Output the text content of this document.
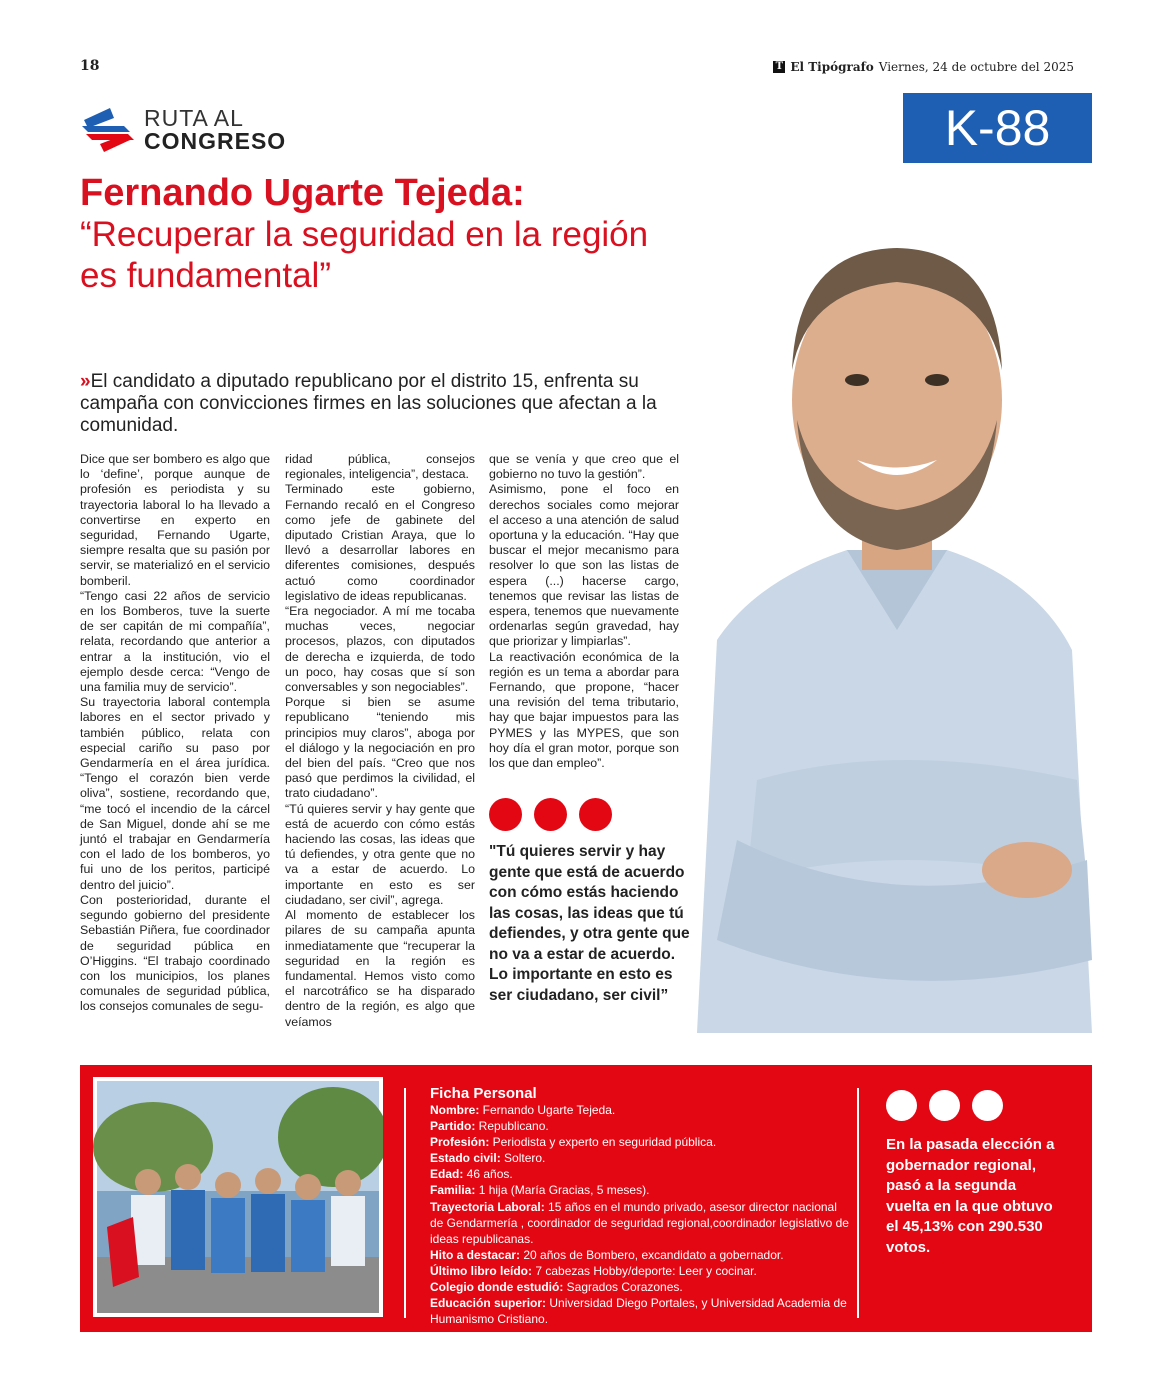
18	T El Tipógrafo Viernes, 24 de octubre del 2025
RUTA AL
CONGRESO	K-88
Fernando Ugarte Tejeda:
“Recuperar la seguridad en la región
es fundamental”
»El candidato a diputado republicano por el distrito 15, enfrenta su campaña con convicciones firmes en las soluciones que afectan a la comunidad.

Dice que ser bombero es algo que lo ‘define’, porque aunque de profesión es periodista y su trayectoria laboral lo ha llevado a convertirse en experto en seguridad, Fernando Ugarte, siempre resalta que su pasión por servir, se materializó en el servicio bomberil.

“Tengo casi 22 años de servicio en los Bomberos, tuve la suerte de ser capitán de mi compañía”, relata, recordando que anterior a entrar a la institución, vio el ejemplo desde cerca: “Vengo de una familia muy de servicio”.

Su trayectoria laboral contempla labores en el sector privado y también público, relata con especial cariño su paso por Gendarmería en el área jurídica. “Tengo el corazón bien verde oliva”, sostiene, recordando que, “me tocó el incendio de la cárcel de San Miguel, donde ahí se me juntó el trabajar en Gendarmería con el lado de los bomberos, yo fui uno de los peritos, participé dentro del juicio”.

Con posterioridad, durante el segundo gobierno del presidente Sebastián Piñera, fue coordinador de seguridad pública en O’Higgins. “El trabajo coordinado con los municipios, los planes comunales de seguridad pública, los consejos comunales de segu-

ridad pública, consejos regionales, inteligencia”, destaca.

Terminado este gobierno, Fernando recaló en el Congreso como jefe de gabinete del diputado Cristian Araya, que lo llevó a desarrollar labores en diferentes comisiones, después actuó como coordinador legislativo de ideas republicanas.

“Era negociador. A mí me tocaba muchas veces, negociar procesos, plazos, con diputados de derecha e izquierda, de todo un poco, hay cosas que sí son conversables y son negociables”.

Porque si bien se asume republicano “teniendo mis principios muy claros”, aboga por el diálogo y la negociación en pro del bien del país. “Creo que nos pasó que perdimos la civilidad, el trato ciudadano”.

“Tú quieres servir y hay gente que está de acuerdo con cómo estás haciendo las cosas, las ideas que tú defiendes, y otra gente que no va a estar de acuerdo. Lo importante en esto es ser ciudadano, ser civil”, agrega.

Al momento de establecer los pilares de su campaña apunta inmediatamente que “recuperar la seguridad en la región es fundamental. Hemos visto como el narcotráfico se ha disparado dentro de la región, es algo que veíamos

que se venía y que creo que el gobierno no tuvo la gestión”.

Asimismo, pone el foco en derechos sociales como mejorar el acceso a una atención de salud oportuna y la educación. “Hay que buscar el mejor mecanismo para resolver lo que son las listas de espera (...) hacerse cargo, tenemos que revisar las listas de espera, tenemos que nuevamente ordenarlas según gravedad, hay que priorizar y limpiarlas”.

La reactivación económica de la región es un tema a abordar para Fernando, que propone, “hacer una revisión del tema tributario, hay que bajar impuestos para las PYMES y las MYPES, que son hoy día el gran motor, porque son los que dan empleo”.

"Tú quieres servir y hay gente que está de acuerdo con cómo estás haciendo las cosas, las ideas que tú defiendes, y otra gente que no va a estar de acuerdo. Lo importante en esto es ser ciudadano, ser civil”
Ficha Personal
Nombre: Fernando Ugarte Tejeda.
Partido: Republicano.
Profesión: Periodista y experto en seguridad pública.
Estado civil: Soltero.
Edad: 46 años.
Familia: 1 hija (María Gracias, 5 meses).
Trayectoria Laboral: 15 años en el mundo privado, asesor director nacional de Gendarmería , coordinador de seguridad regional,coordinador legislativo de ideas republicanas.
Hito a destacar: 20 años de Bombero, excandidato a gobernador.
Último libro leído: 7 cabezas Hobby/deporte: Leer y cocinar.
Colegio donde estudió: Sagrados Corazones.
Educación superior: Universidad Diego Portales, y Universidad Academia de Humanismo Cristiano.
En la pasada elección a gobernador regional, pasó a la segunda vuelta en la que obtuvo el 45,13% con 290.530 votos.
